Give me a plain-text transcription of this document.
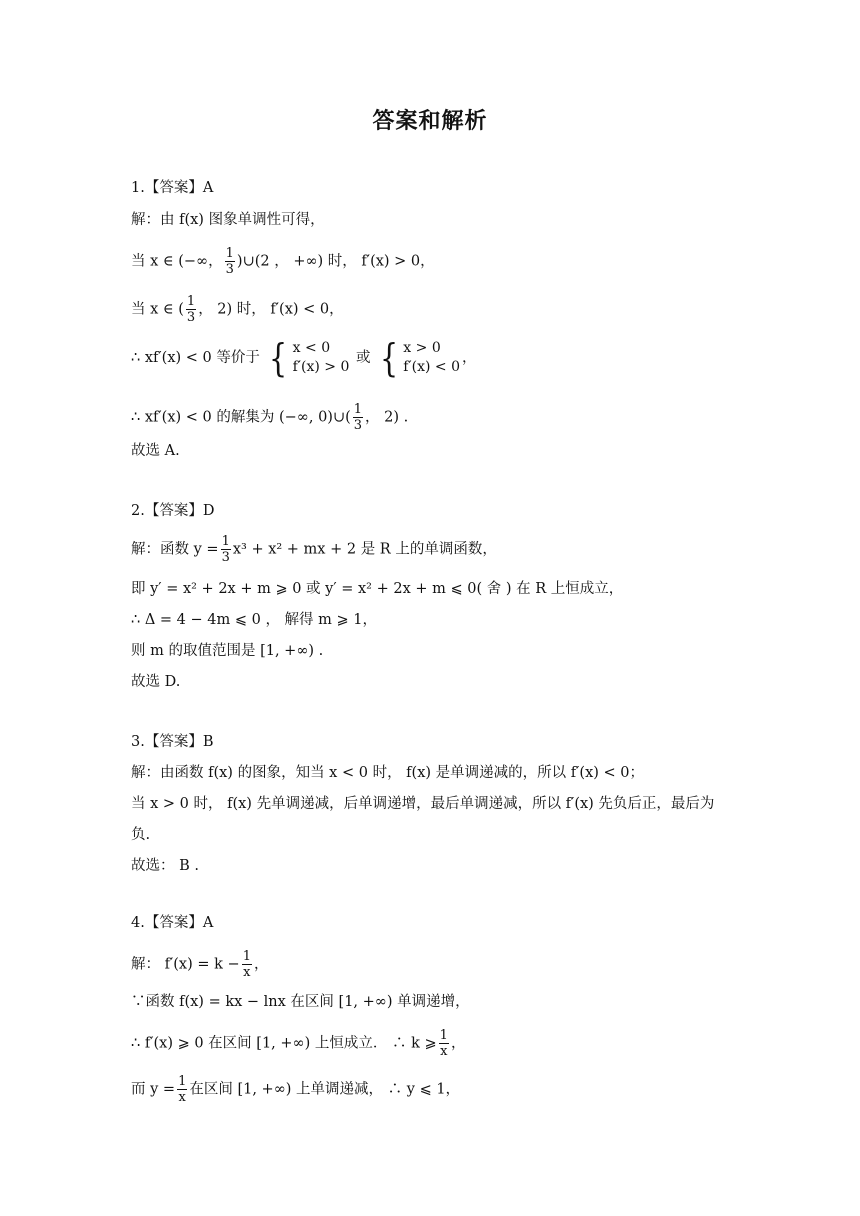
答案和解析
1.【答案】A
解：由 f(x) 图象单调性可得，
当 x ∈ (−∞， $\frac{1}{3}$ )∪(2 ， +∞) 时， f′(x) > 0，
当 x ∈ ( $\frac{1}{3}$ ， 2) 时， f′(x) < 0，
∴ xf′(x) < 0 等价于 { x < 0
f′(x) > 0
或 { x > 0
f′(x) < 0
，
∴ xf′(x) < 0 的解集为 (−∞, 0)∪( $\frac{1}{3}$ ， 2) .
故选 A.
2.【答案】D
解：函数 $y = \frac{1}{3} x^3 + x^2$ + mx + 2 是 R 上的单调函数，
即 y′ = x² + 2x + m ⩾ 0 或 y′ = x² + 2x + m ⩽ 0( 舍 ) 在 R 上恒成立，
∴ Δ = 4 − 4m ⩽ 0 ， 解得 m ⩾ 1，
则 m 的取值范围是 [1, +∞) .
故选 D.
3.【答案】B
解：由函数 f(x) 的图象，知当 x < 0 时， f(x) 是单调递减的，所以 f′(x) < 0；
当 x > 0 时， f(x) 先单调递减，后单调递增，最后单调递减，所以 f′(x) 先负后正，最后为
负.
故选： B .
4.【答案】A
解： $f'(x) = k - \frac{1}{x}$ ，
∵函数 f(x) = kx − lnx 在区间 [1, +∞) 单调递增，
∴ f′(x) ⩾ 0 在区间 [1, +∞) 上恒成立． ∴ k ⩾ $\frac{1}{x}$ ，
而 $y = \frac{1}{x}$ 在区间 [1, +∞) 上单调递减， ∴ y ⩽ 1，
